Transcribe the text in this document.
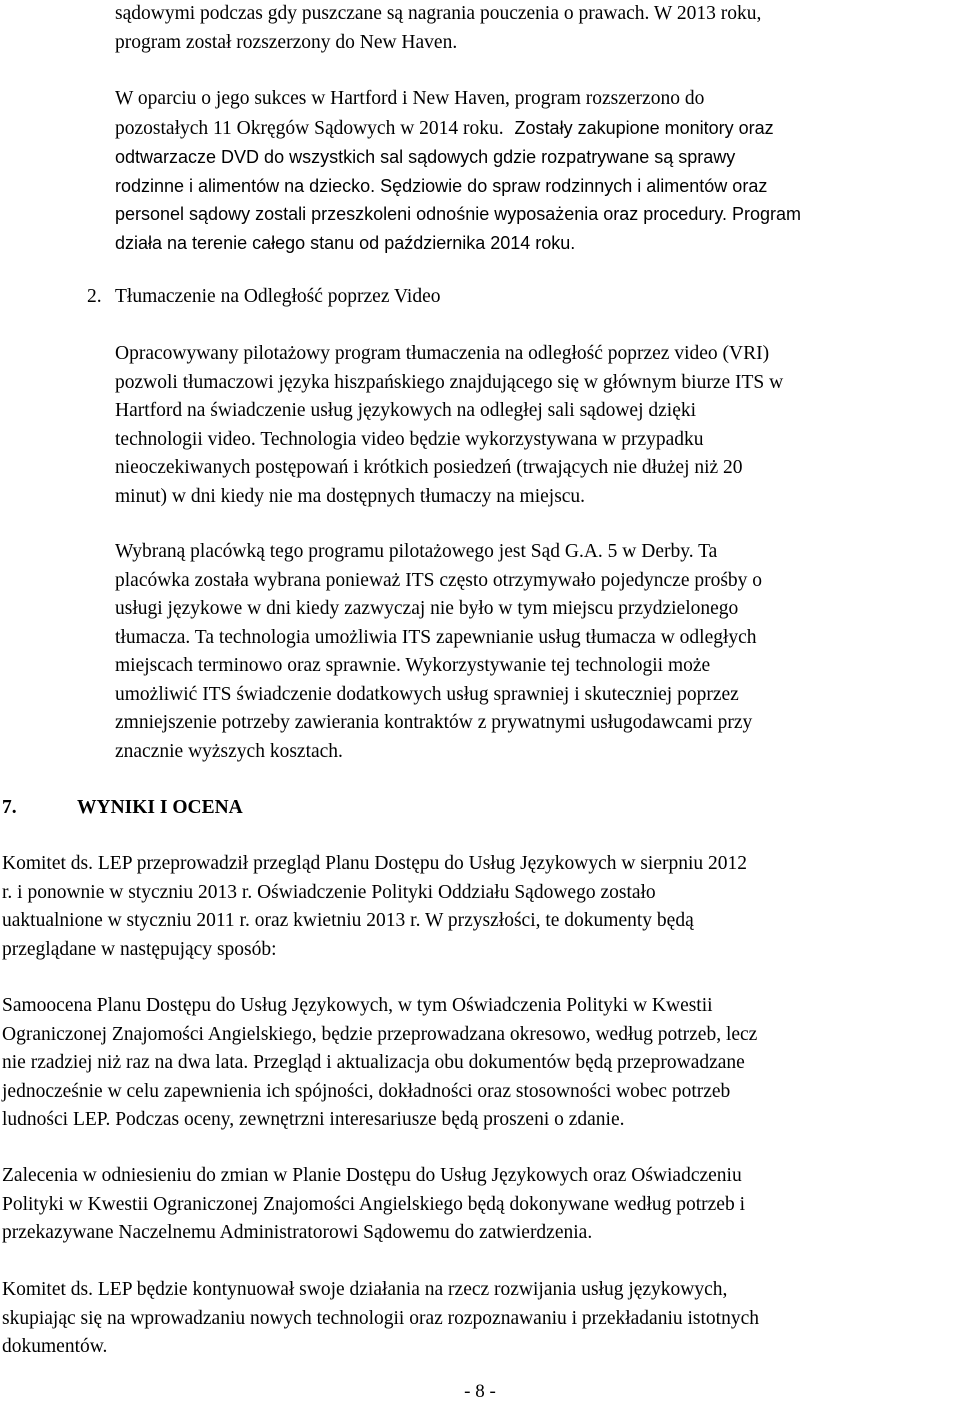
sądowymi podczas gdy puszczane są nagrania pouczenia o prawach. W 2013 roku,
program został rozszerzony do New Haven.
W oparciu o jego sukces w Hartford i New Haven, program rozszerzono do
pozostałych 11 Okręgów Sądowych w 2014 roku. Zostały zakupione monitory oraz
odtwarzacze DVD do wszystkich sal sądowych gdzie rozpatrywane są sprawy
rodzinne i alimentów na dziecko. Sędziowie do spraw rodzinnych i alimentów oraz
personel sądowy zostali przeszkoleni odnośnie wyposażenia oraz procedury. Program
działa na terenie całego stanu od października 2014 roku.
2. Tłumaczenie na Odległość poprzez Video
Opracowywany pilotażowy program tłumaczenia na odległość poprzez video (VRI)
pozwoli tłumaczowi języka hiszpańskiego znajdującego się w głównym biurze ITS w
Hartford na świadczenie usług językowych na odległej sali sądowej dzięki
technologii video. Technologia video będzie wykorzystywana w przypadku
nieoczekiwanych postępowań i krótkich posiedzeń (trwających nie dłużej niż 20
minut) w dni kiedy nie ma dostępnych tłumaczy na miejscu.
Wybraną placówką tego programu pilotażowego jest Sąd G.A. 5 w Derby. Ta
placówka została wybrana ponieważ ITS często otrzymywało pojedyncze prośby o
usługi językowe w dni kiedy zazwyczaj nie było w tym miejscu przydzielonego
tłumacza. Ta technologia umożliwia ITS zapewnianie usług tłumacza w odległych
miejscach terminowo oraz sprawnie. Wykorzystywanie tej technologii może
umożliwić ITS świadczenie dodatkowych usług sprawniej i skuteczniej poprzez
zmniejszenie potrzeby zawierania kontraktów z prywatnymi usługodawcami przy
znacznie wyższych kosztach.
7.	WYNIKI I OCENA
Komitet ds. LEP przeprowadził przegląd Planu Dostępu do Usług Językowych w sierpniu 2012
r. i ponownie w styczniu 2013 r. Oświadczenie Polityki Oddziału Sądowego zostało
uaktualnione w styczniu 2011 r. oraz kwietniu 2013 r. W przyszłości, te dokumenty będą
przeglądane w następujący sposób:
Samoocena Planu Dostępu do Usług Językowych, w tym Oświadczenia Polityki w Kwestii
Ograniczonej Znajomości Angielskiego, będzie przeprowadzana okresowo, według potrzeb, lecz
nie rzadziej niż raz na dwa lata. Przegląd i aktualizacja obu dokumentów będą przeprowadzane
jednocześnie w celu zapewnienia ich spójności, dokładności oraz stosowności wobec potrzeb
ludności LEP. Podczas oceny, zewnętrzni interesariusze będą proszeni o zdanie.
Zalecenia w odniesieniu do zmian w Planie Dostępu do Usług Językowych oraz Oświadczeniu
Polityki w Kwestii Ograniczonej Znajomości Angielskiego będą dokonywane według potrzeb i
przekazywane Naczelnemu Administratorowi Sądowemu do zatwierdzenia.
Komitet ds. LEP będzie kontynuował swoje działania na rzecz rozwijania usług językowych,
skupiając się na wprowadzaniu nowych technologii oraz rozpoznawaniu i przekładaniu istotnych
dokumentów.
- 8 -
